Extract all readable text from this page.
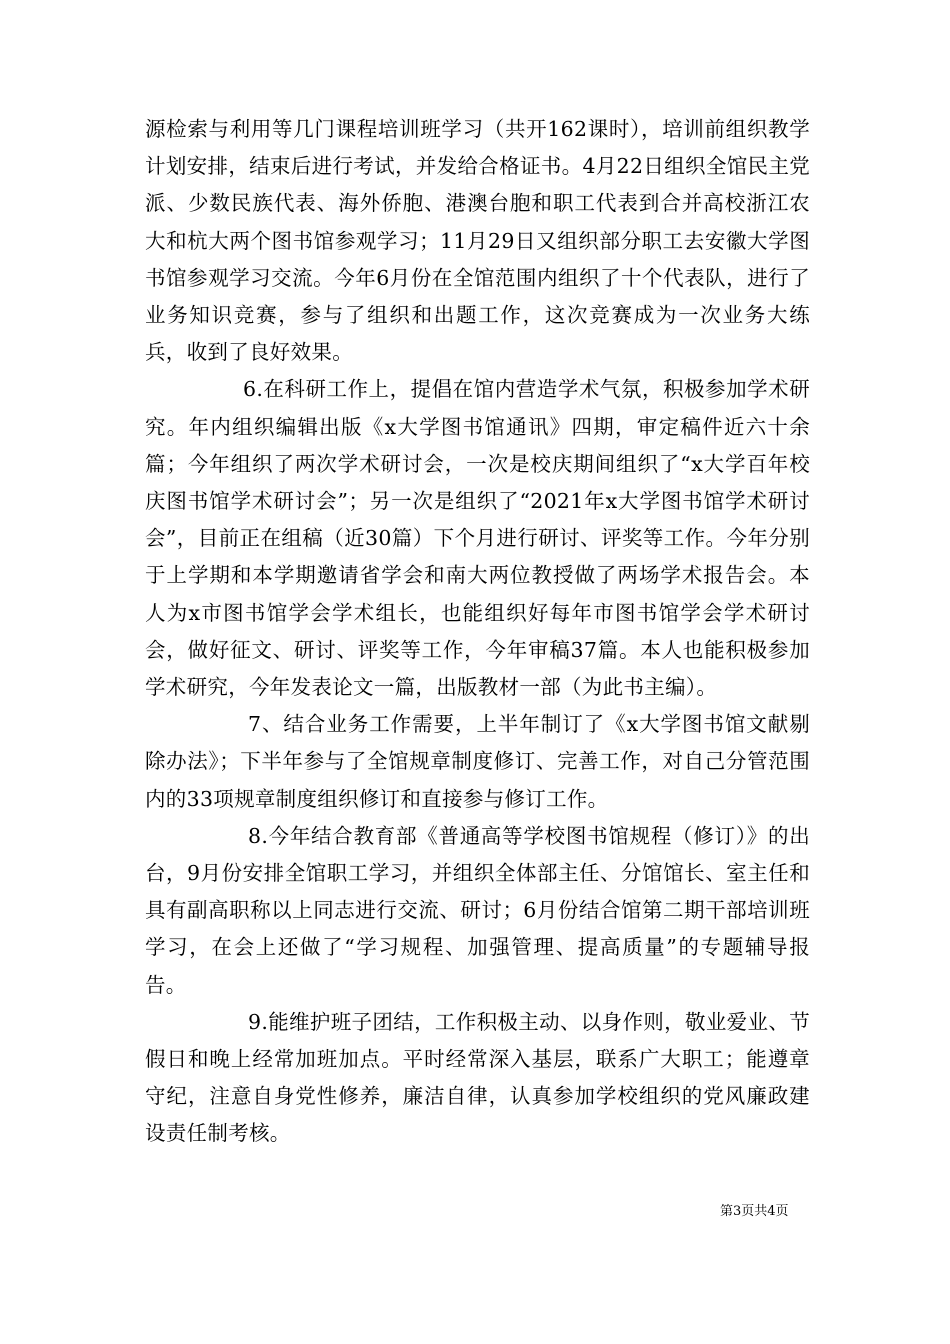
源检索与利用等几门课程培训班学习（共开162课时），培训前组织教学计划安排，结束后进行考试，并发给合格证书。4月22日组织全馆民主党派、少数民族代表、海外侨胞、港澳台胞和职工代表到合并高校浙江农大和杭大两个图书馆参观学习；11月29日又组织部分职工去安徽大学图书馆参观学习交流。今年6月份在全馆范围内组织了十个代表队，进行了业务知识竞赛，参与了组织和出题工作，这次竞赛成为一次业务大练兵，收到了良好效果。

6.在科研工作上，提倡在馆内营造学术气氛，积极参加学术研究。年内组织编辑出版《x大学图书馆通讯》四期，审定稿件近六十余篇；今年组织了两次学术研讨会，一次是校庆期间组织了“x大学百年校庆图书馆学术研讨会”；另一次是组织了“2021年x大学图书馆学术研讨会”，目前正在组稿（近30篇）下个月进行研讨、评奖等工作。今年分别于上学期和本学期邀请省学会和南大两位教授做了两场学术报告会。本人为x市图书馆学会学术组长，也能组织好每年市图书馆学会学术研讨会，做好征文、研讨、评奖等工作，今年审稿37篇。本人也能积极参加学术研究，今年发表论文一篇，出版教材一部（为此书主编）。

7、结合业务工作需要，上半年制订了《x大学图书馆文献剔除办法》；下半年参与了全馆规章制度修订、完善工作，对自己分管范围内的33项规章制度组织修订和直接参与修订工作。

8.今年结合教育部《普通高等学校图书馆规程（修订）》的出台，9月份安排全馆职工学习，并组织全体部主任、分馆馆长、室主任和具有副高职称以上同志进行交流、研讨；6月份结合馆第二期干部培训班学习，在会上还做了“学习规程、加强管理、提高质量”的专题辅导报告。

9.能维护班子团结，工作积极主动、以身作则，敬业爱业、节假日和晚上经常加班加点。平时经常深入基层，联系广大职工；能遵章守纪，注意自身党性修养，廉洁自律，认真参加学校组织的党风廉政建设责任制考核。

第3页共4页
